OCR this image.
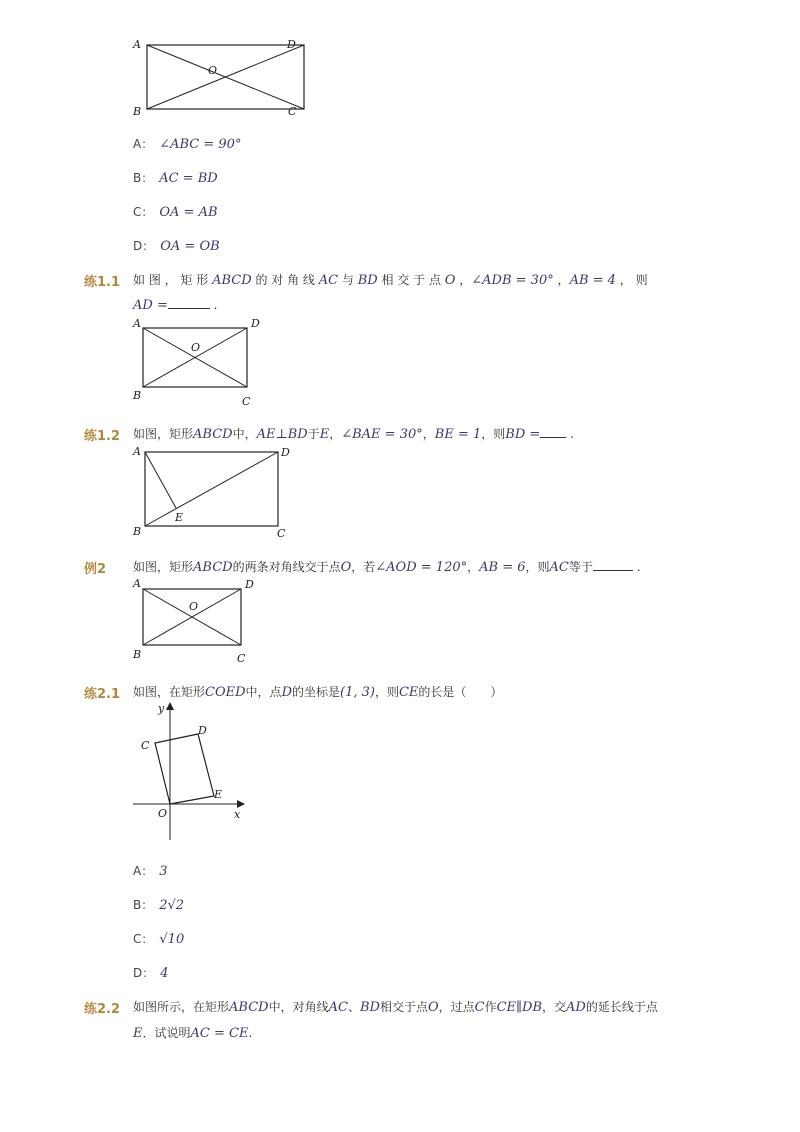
A	D
B	C
O
A： ∠ABC = 90°
B： AC = BD
C： OA = AB
D： OA = OB
练1.1 如 图 ， 矩 形 ABCD 的 对 角 线 AC 与 BD 相 交 于 点 O ，∠ADB = 30° ，AB = 4 ， 则
AD =	.
A	D
B	C
O
练1.2 如图，矩形ABCD中，AE⊥BD于E，∠BAE = 30°，BE = 1，则BD = .
A	D
B	C
E
例2 如图，矩形ABCD的两条对角线交于点O，若∠AOD = 120°，AB = 6，则AC等于	.
A	D
B	C
O
练2.1 如图，在矩形COED中，点D的坐标是(1, 3)，则CE的长是（　　）
y
x
O
C
D
E
A： 3
B： 2√2
C： √10
D： 4
练2.2 如图所示，在矩形ABCD中，对角线AC、BD相交于点O，过点C作CE∥DB，交AD的延长线于点
E．试说明AC = CE.
